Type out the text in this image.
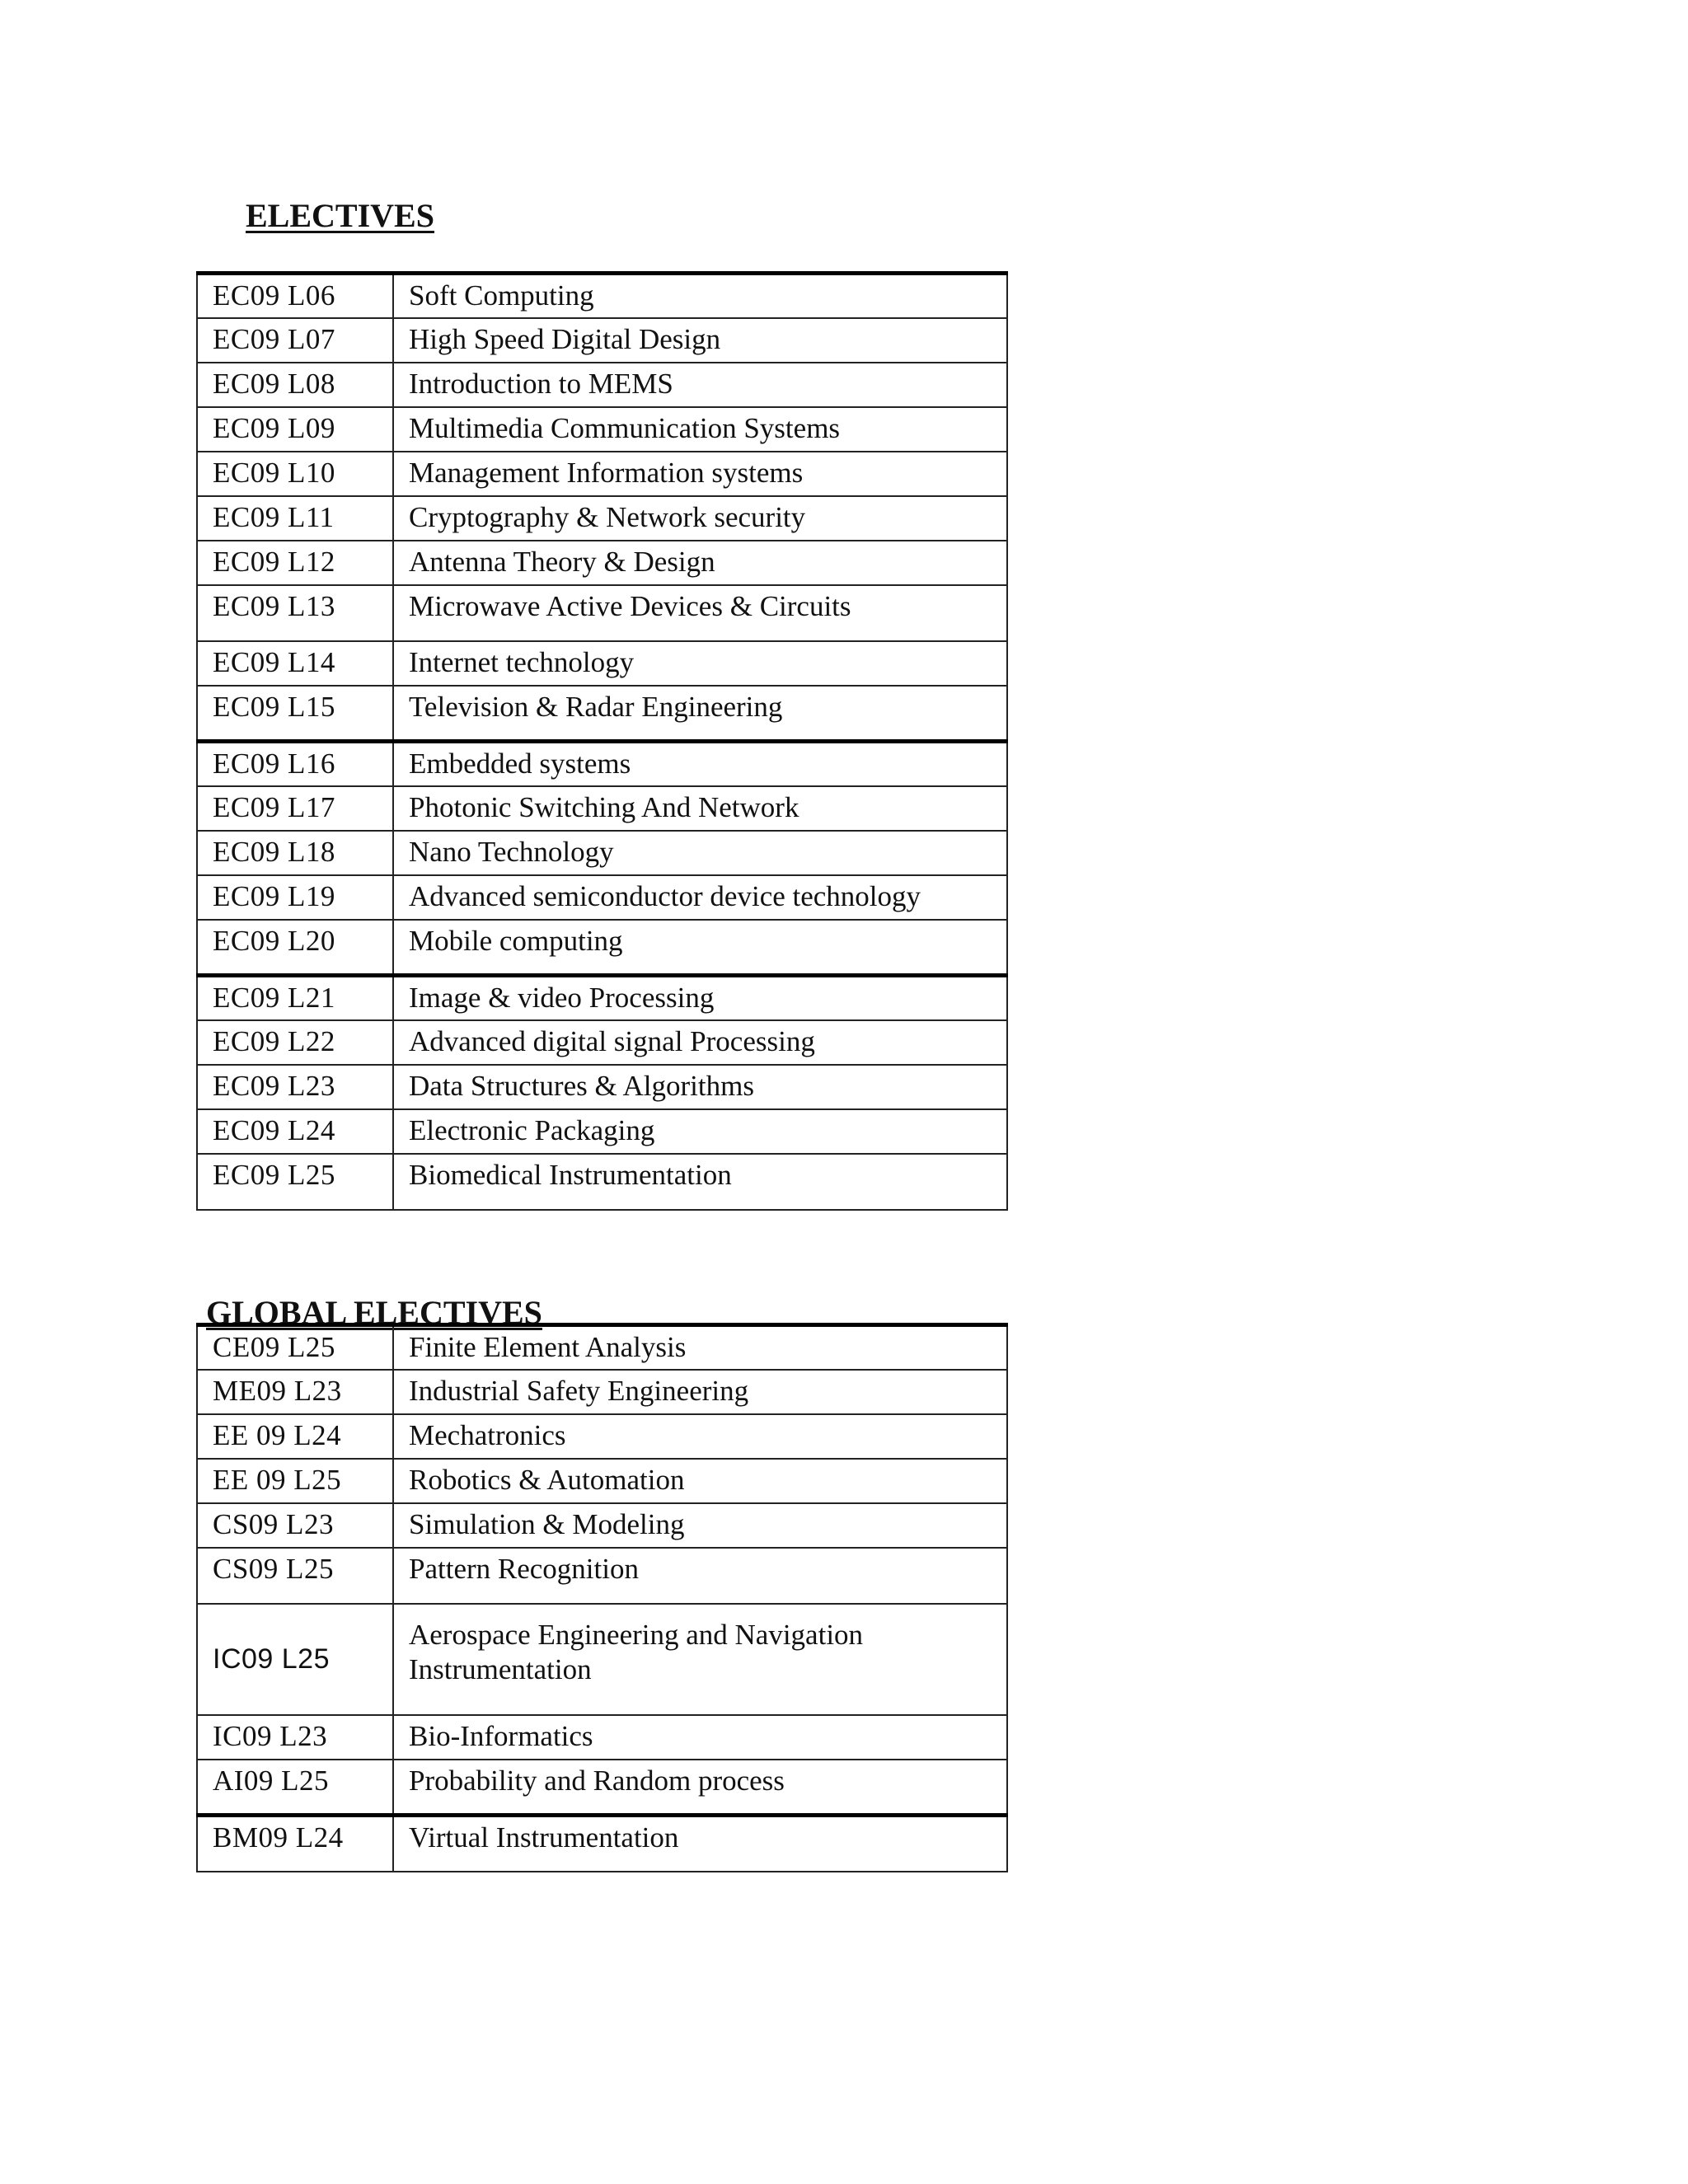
ELECTIVES
EC09 L06	Soft Computing
EC09 L07	High Speed Digital Design
EC09 L08	Introduction to MEMS
EC09 L09	Multimedia Communication Systems
EC09 L10	Management Information systems
EC09 L11	Cryptography & Network security
EC09 L12	Antenna Theory & Design
EC09 L13	Microwave Active Devices & Circuits
EC09 L14	Internet technology
EC09 L15	Television & Radar Engineering
EC09 L16	Embedded systems
EC09 L17	Photonic Switching And Network
EC09 L18	Nano Technology
EC09 L19	Advanced semiconductor device technology
EC09 L20	Mobile computing
EC09 L21	Image & video Processing
EC09 L22	Advanced digital signal Processing
EC09 L23	Data Structures & Algorithms
EC09 L24	Electronic Packaging
EC09 L25	Biomedical Instrumentation
GLOBAL ELECTIVES
CE09 L25	Finite Element Analysis
ME09 L23	Industrial Safety Engineering
EE 09 L24	Mechatronics
EE 09 L25	Robotics & Automation
CS09 L23	Simulation & Modeling
CS09 L25	Pattern Recognition
IC09 L25	Aerospace Engineering and Navigation Instrumentation
IC09 L23	Bio-Informatics
AI09 L25	Probability and Random process
BM09 L24	Virtual Instrumentation
